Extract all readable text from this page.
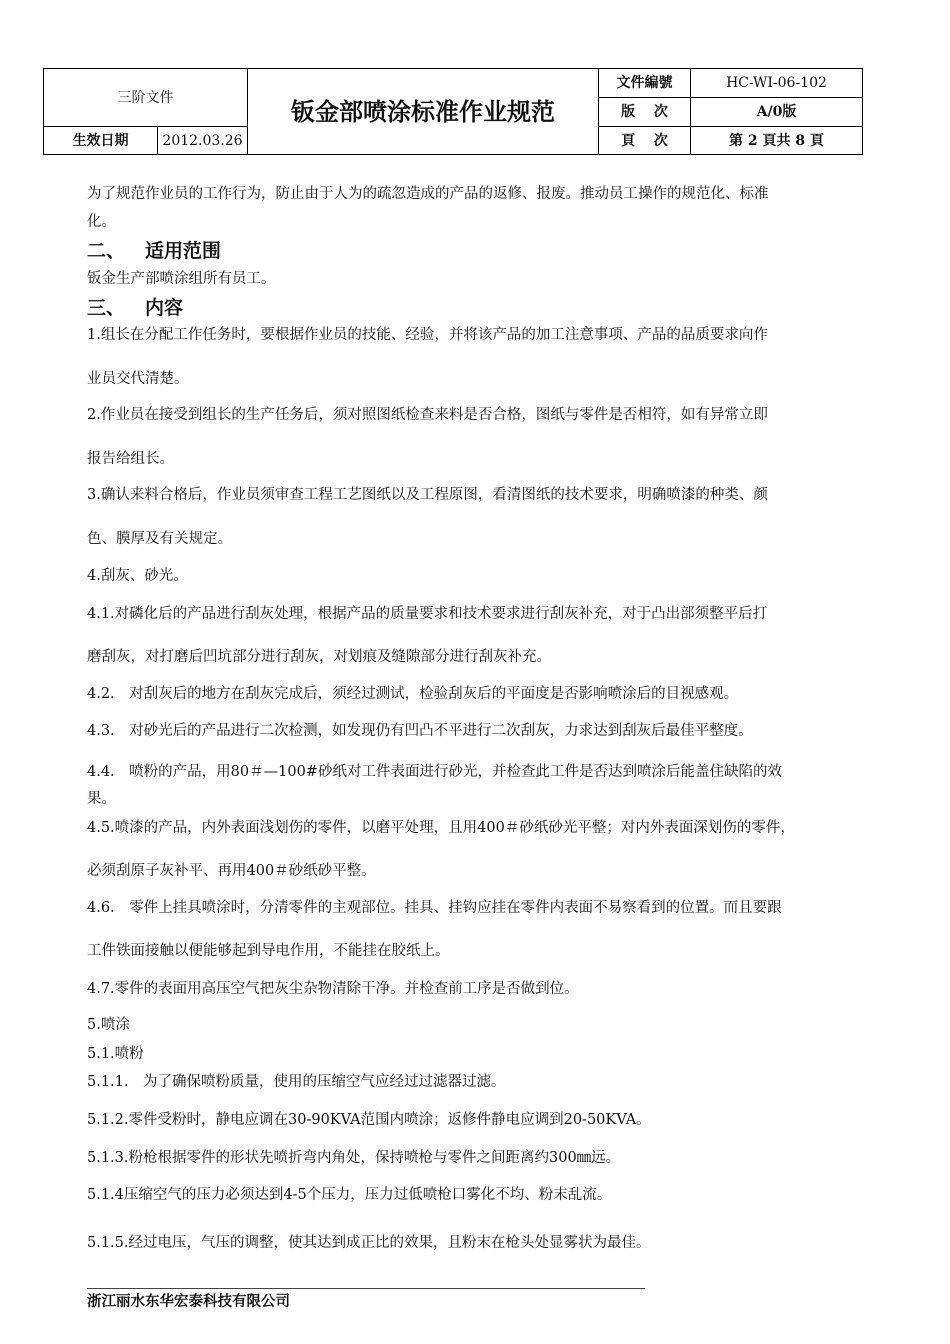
三阶文件		钣金部喷涂标准作业规范	文件編號	HC-WI-06-102
			版　 次	A/0版
生效日期	2012.03.26		頁　 次	第 2 頁共 8 頁

为了规范作业员的工作行为，防止由于人为的疏忽造成的产品的返修、报废。推动员工操作的规范化、标准

化。

二、 适用范围

钣金生产部喷涂组所有员工。

三、 内容

1.组长在分配工作任务时，要根据作业员的技能、经验，并将该产品的加工注意事项、产品的品质要求向作

业员交代清楚。

2.作业员在接受到组长的生产任务后，须对照图纸检查来料是否合格，图纸与零件是否相符，如有异常立即

报告给组长。

3.确认来料合格后，作业员须审查工程工艺图纸以及工程原图，看清图纸的技术要求，明确喷漆的种类、颜

色、膜厚及有关规定。

4.刮灰、砂光。

4.1.对磷化后的产品进行刮灰处理，根据产品的质量要求和技术要求进行刮灰补充，对于凸出部须整平后打

磨刮灰，对打磨后凹坑部分进行刮灰，对划痕及缝隙部分进行刮灰补充。

4.2.　对刮灰后的地方在刮灰完成后，须经过测试，检验刮灰后的平面度是否影响喷涂后的目视感观。

4.3.　对砂光后的产品进行二次检测，如发现仍有凹凸不平进行二次刮灰，力求达到刮灰后最佳平整度。

4.4.　喷粉的产品，用80＃—100#砂纸对工件表面进行砂光，并检查此工件是否达到喷涂后能盖住缺陷的效

果。

4.5.喷漆的产品，内外表面浅划伤的零件，以磨平处理，且用400＃砂纸砂光平整；对内外表面深划伤的零件，

必须刮原子灰补平、再用400＃砂纸砂平整。

4.6.　零件上挂具喷涂时，分清零件的主观部位。挂具、挂钩应挂在零件内表面不易察看到的位置。而且要跟

工件铁面接触以便能够起到导电作用，不能挂在胶纸上。

4.7.零件的表面用高压空气把灰尘杂物清除干净。并检查前工序是否做到位。

5.喷涂

5.1.喷粉

5.1.1.　为了确保喷粉质量，使用的压缩空气应经过过滤器过滤。

5.1.2.零件受粉时，静电应调在30-90KVA范围内喷涂；返修件静电应调到20-50KVA。

5.1.3.粉枪根据零件的形状先喷折弯内角处，保持喷枪与零件之间距离约300㎜远。

5.1.4压缩空气的压力必须达到4-5个压力，压力过低喷枪口雾化不均、粉末乱流。

5.1.5.经过电压，气压的调整，使其达到成正比的效果，且粉末在枪头处显雾状为最佳。

浙江丽水东华宏泰科技有限公司
